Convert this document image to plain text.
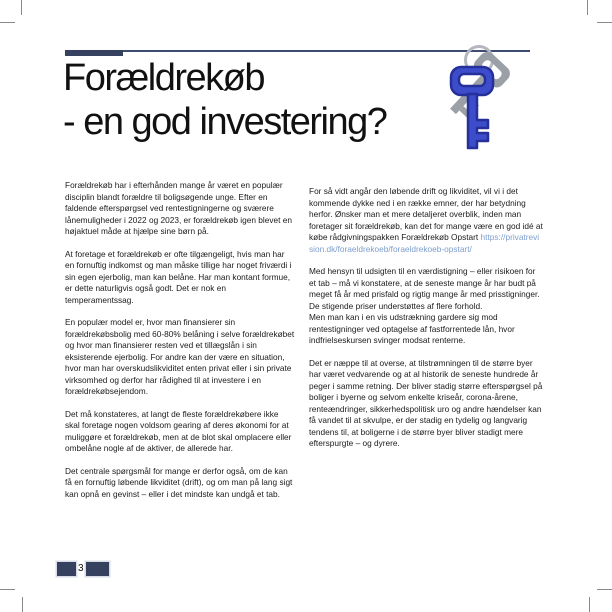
Forældrekøb
- en god investering?

Forældrekøb har i efterhånden mange år været en populær disciplin blandt forældre til boligsøgende unge. Efter en faldende efterspørgsel ved rentestigningerne og sværere lånemuligheder i 2022 og 2023, er forældrekøb igen blevet en højaktuel måde at hjælpe sine børn på.

At foretage et forældrekøb er ofte tilgængeligt, hvis man har en fornuftig indkomst og man måske tillige har noget friværdi i sin egen ejerbolig, man kan belåne. Har man kontant formue, er dette naturligvis også godt. Det er nok en temperamentssag.

En populær model er, hvor man finansierer sin forældrekøbsbolig med 60-80% belåning i selve forældrekøbet og hvor man finansierer resten ved et tillægslån i sin eksisterende ejerbolig. For andre kan der være en situation, hvor man har overskudslikviditet enten privat eller i sin private virksomhed og derfor har rådighed til at investere i en forældrekøbsejendom.

Det må konstateres, at langt de fleste forældrekøbere ikke skal foretage nogen voldsom gearing af deres økonomi for at muliggøre et forældrekøb, men at de blot skal omplacere eller ombelåne nogle af de aktiver, de allerede har.

Det centrale spørgsmål for mange er derfor også, om de kan få en fornuftig løbende likviditet (drift), og om man på lang sigt kan opnå en gevinst – eller i det mindste kan undgå et tab.

For så vidt angår den løbende drift og likviditet, vil vi i det kommende dykke ned i en række emner, der har betydning herfor. Ønsker man et mere detaljeret overblik, inden man foretager sit forældrekøb, kan det for mange være en god idé at købe rådgivningspakken Forældrekøb Opstart https://privatrevision.dk/foraeldrekoeb/foraeldrekoeb-opstart/

Med hensyn til udsigten til en værdistigning – eller risikoen for et tab – må vi konstatere, at de seneste mange år har budt på meget få år med prisfald og rigtig mange år med prisstigninger. De stigende priser understøttes af flere forhold.

Men man kan i en vis udstrækning gardere sig mod rentestigninger ved optagelse af fastforrentede lån, hvor indfrielseskursen svinger modsat renterne.

Det er næppe til at overse, at tilstrømningen til de større byer har været vedvarende og at al historik de seneste hundrede år peger i samme retning. Der bliver stadig større efterspørgsel på boliger i byerne og selvom enkelte kriseår, corona-årene, renteændringer, sikkerhedspolitisk uro og andre hændelser kan få vandet til at skvulpe, er der stadig en tydelig og langvarig tendens til, at boligerne i de større byer bliver stadigt mere efterspurgte – og dyrere.

3
